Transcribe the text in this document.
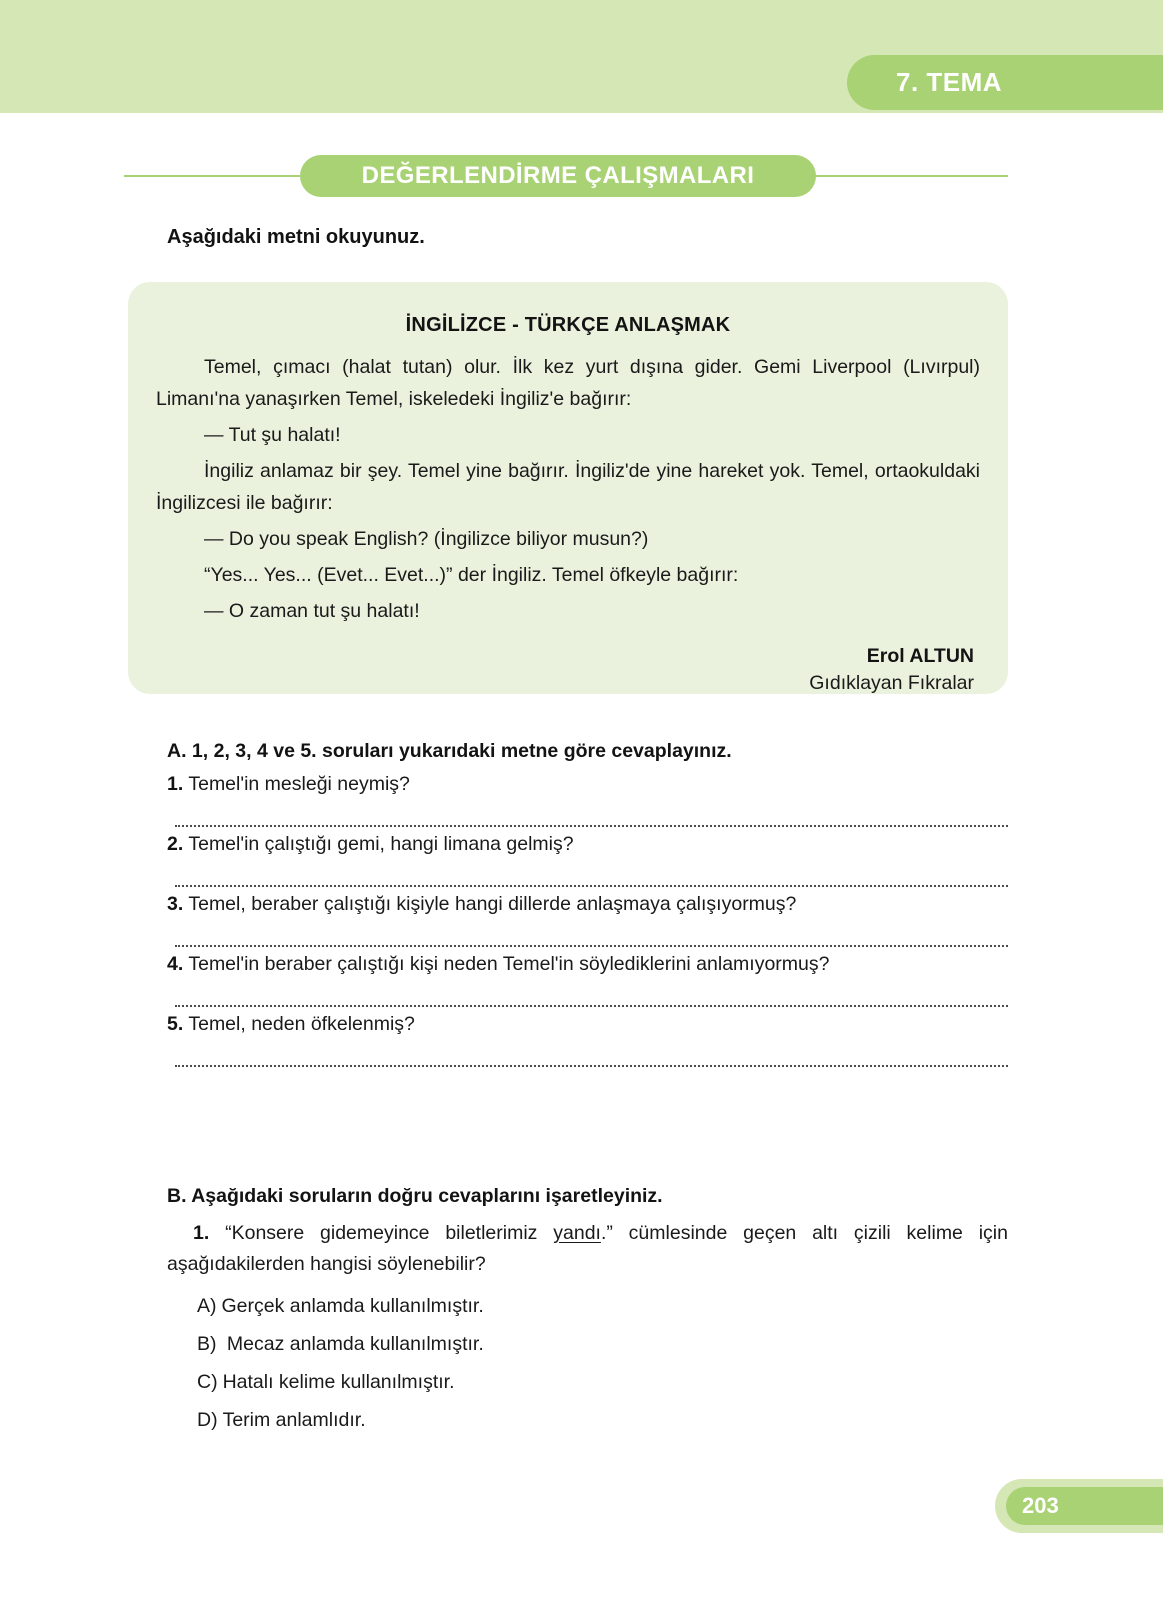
7. TEMA
DEĞERLENDİRME ÇALIŞMALARI
Aşağıdaki metni okuyunuz.
İNGİLİZCE - TÜRKÇE ANLAŞMAK

Temel, çımacı (halat tutan) olur. İlk kez yurt dışına gider. Gemi Liverpool (Lıvırpul) Limanı'na yanaşırken Temel, iskeledeki İngiliz'e bağırır:

— Tut şu halatı!

İngiliz anlamaz bir şey. Temel yine bağırır. İngiliz'de yine hareket yok. Temel, ortaokuldaki İngilizcesi ile bağırır:

— Do you speak English? (İngilizce biliyor musun?)

“Yes... Yes... (Evet... Evet...)” der İngiliz. Temel öfkeyle bağırır:

— O zaman tut şu halatı!

Erol ALTUN
Gıdıklayan Fıkralar
A. 1, 2, 3, 4 ve 5. soruları yukarıdaki metne göre cevaplayınız.
1. Temel'in mesleği neymiş?
2. Temel'in çalıştığı gemi, hangi limana gelmiş?
3. Temel, beraber çalıştığı kişiyle hangi dillerde anlaşmaya çalışıyormuş?
4. Temel'in beraber çalıştığı kişi neden Temel'in söylediklerini anlamıyormuş?
5. Temel, neden öfkelenmiş?
B. Aşağıdaki soruların doğru cevaplarını işaretleyiniz.
1. “Konsere gidemeyince biletlerimiz yandı.” cümlesinde geçen altı çizili kelime için aşağıdakilerden hangisi söylenebilir?
A) Gerçek anlamda kullanılmıştır.
B) Mecaz anlamda kullanılmıştır.
C) Hatalı kelime kullanılmıştır.
D) Terim anlamlıdır.
203
